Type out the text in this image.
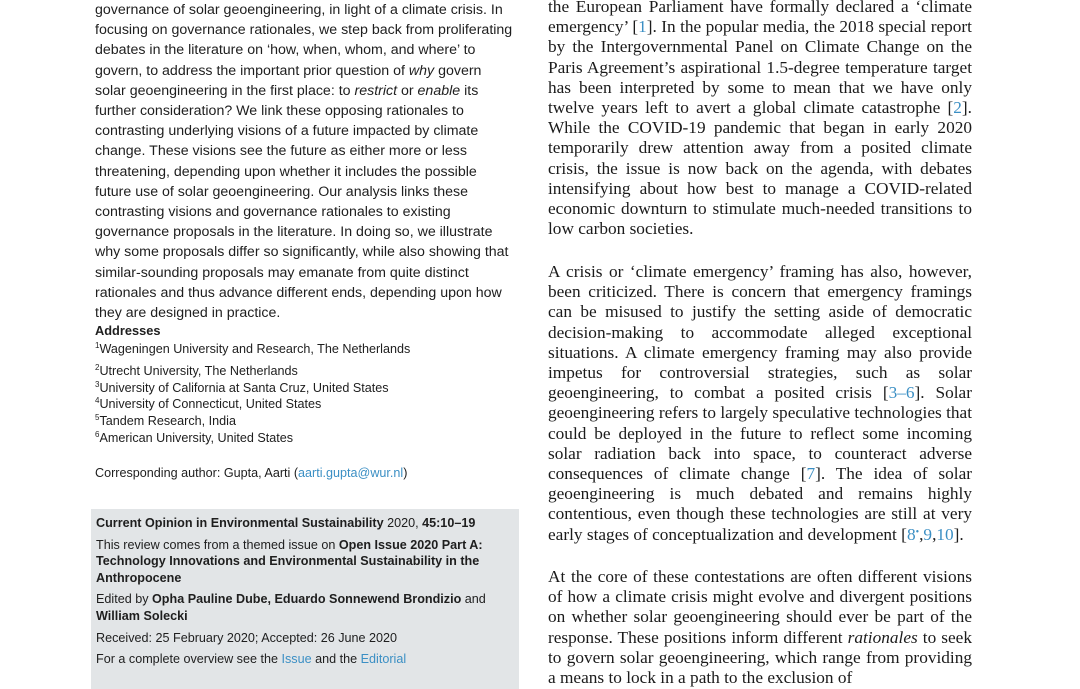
governance of solar geoengineering, in light of a climate crisis. In focusing on governance rationales, we step back from proliferating debates in the literature on ‘how, when, whom, and where’ to govern, to address the important prior question of why govern solar geoengineering in the first place: to restrict or enable its further consideration? We link these opposing rationales to contrasting underlying visions of a future impacted by climate change. These visions see the future as either more or less threatening, depending upon whether it includes the possible future use of solar geoengineering. Our analysis links these contrasting visions and governance rationales to existing governance proposals in the literature. In doing so, we illustrate why some proposals differ so significantly, while also showing that similar-sounding proposals may emanate from quite distinct rationales and thus advance different ends, depending upon how they are designed in practice.

Addresses
$^1$Wageningen University and Research, The Netherlands
$^2$Utrecht University, The Netherlands
$^3$University of California at Santa Cruz, United States
$^4$University of Connecticut, United States
$^5$Tandem Research, India
$^6$American University, United States
Corresponding author: Gupta, Aarti (aarti.gupta@wur.nl)
Current Opinion in Environmental Sustainability 2020, 45:10–19
This review comes from a themed issue on Open Issue 2020 Part A: Technology Innovations and Environmental Sustainability in the Anthropocene
Edited by Opha Pauline Dube, Eduardo Sonnewend Brondizio and William Solecki
Received: 25 February 2020; Accepted: 26 June 2020
For a complete overview see the Issue and the Editorial

the European Parliament have formally declared a ‘climate emergency’ [1]. In the popular media, the 2018 special report by the Intergovernmental Panel on Climate Change on the Paris Agreement’s aspirational 1.5-degree temperature target has been interpreted by some to mean that we have only twelve years left to avert a global climate catastrophe [2]. While the COVID-19 pandemic that began in early 2020 temporarily drew attention away from a posited climate crisis, the issue is now back on the agenda, with debates intensifying about how best to manage a COVID-related economic downturn to stimulate much-needed transitions to low carbon societies.

A crisis or ‘climate emergency’ framing has also, however, been criticized. There is concern that emergency framings can be misused to justify the setting aside of democratic decision-making to accommodate alleged exceptional situations. A climate emergency framing may also provide impetus for controversial strategies, such as solar geoengineering, to combat a posited crisis [3–6]. Solar geoengineering refers to largely speculative technologies that could be deployed in the future to reflect some incoming solar radiation back into space, to counteract adverse consequences of climate change [7]. The idea of solar geoengineering is much debated and remains highly contentious, even though these technologies are still at very early stages of conceptualization and development [8•,9,10].

At the core of these contestations are often different visions of how a climate crisis might evolve and divergent positions on whether solar geoengineering should ever be part of the response. These positions inform different rationales to seek to govern solar geoengineering, which range from providing a means to lock in a path to the exclusion of
